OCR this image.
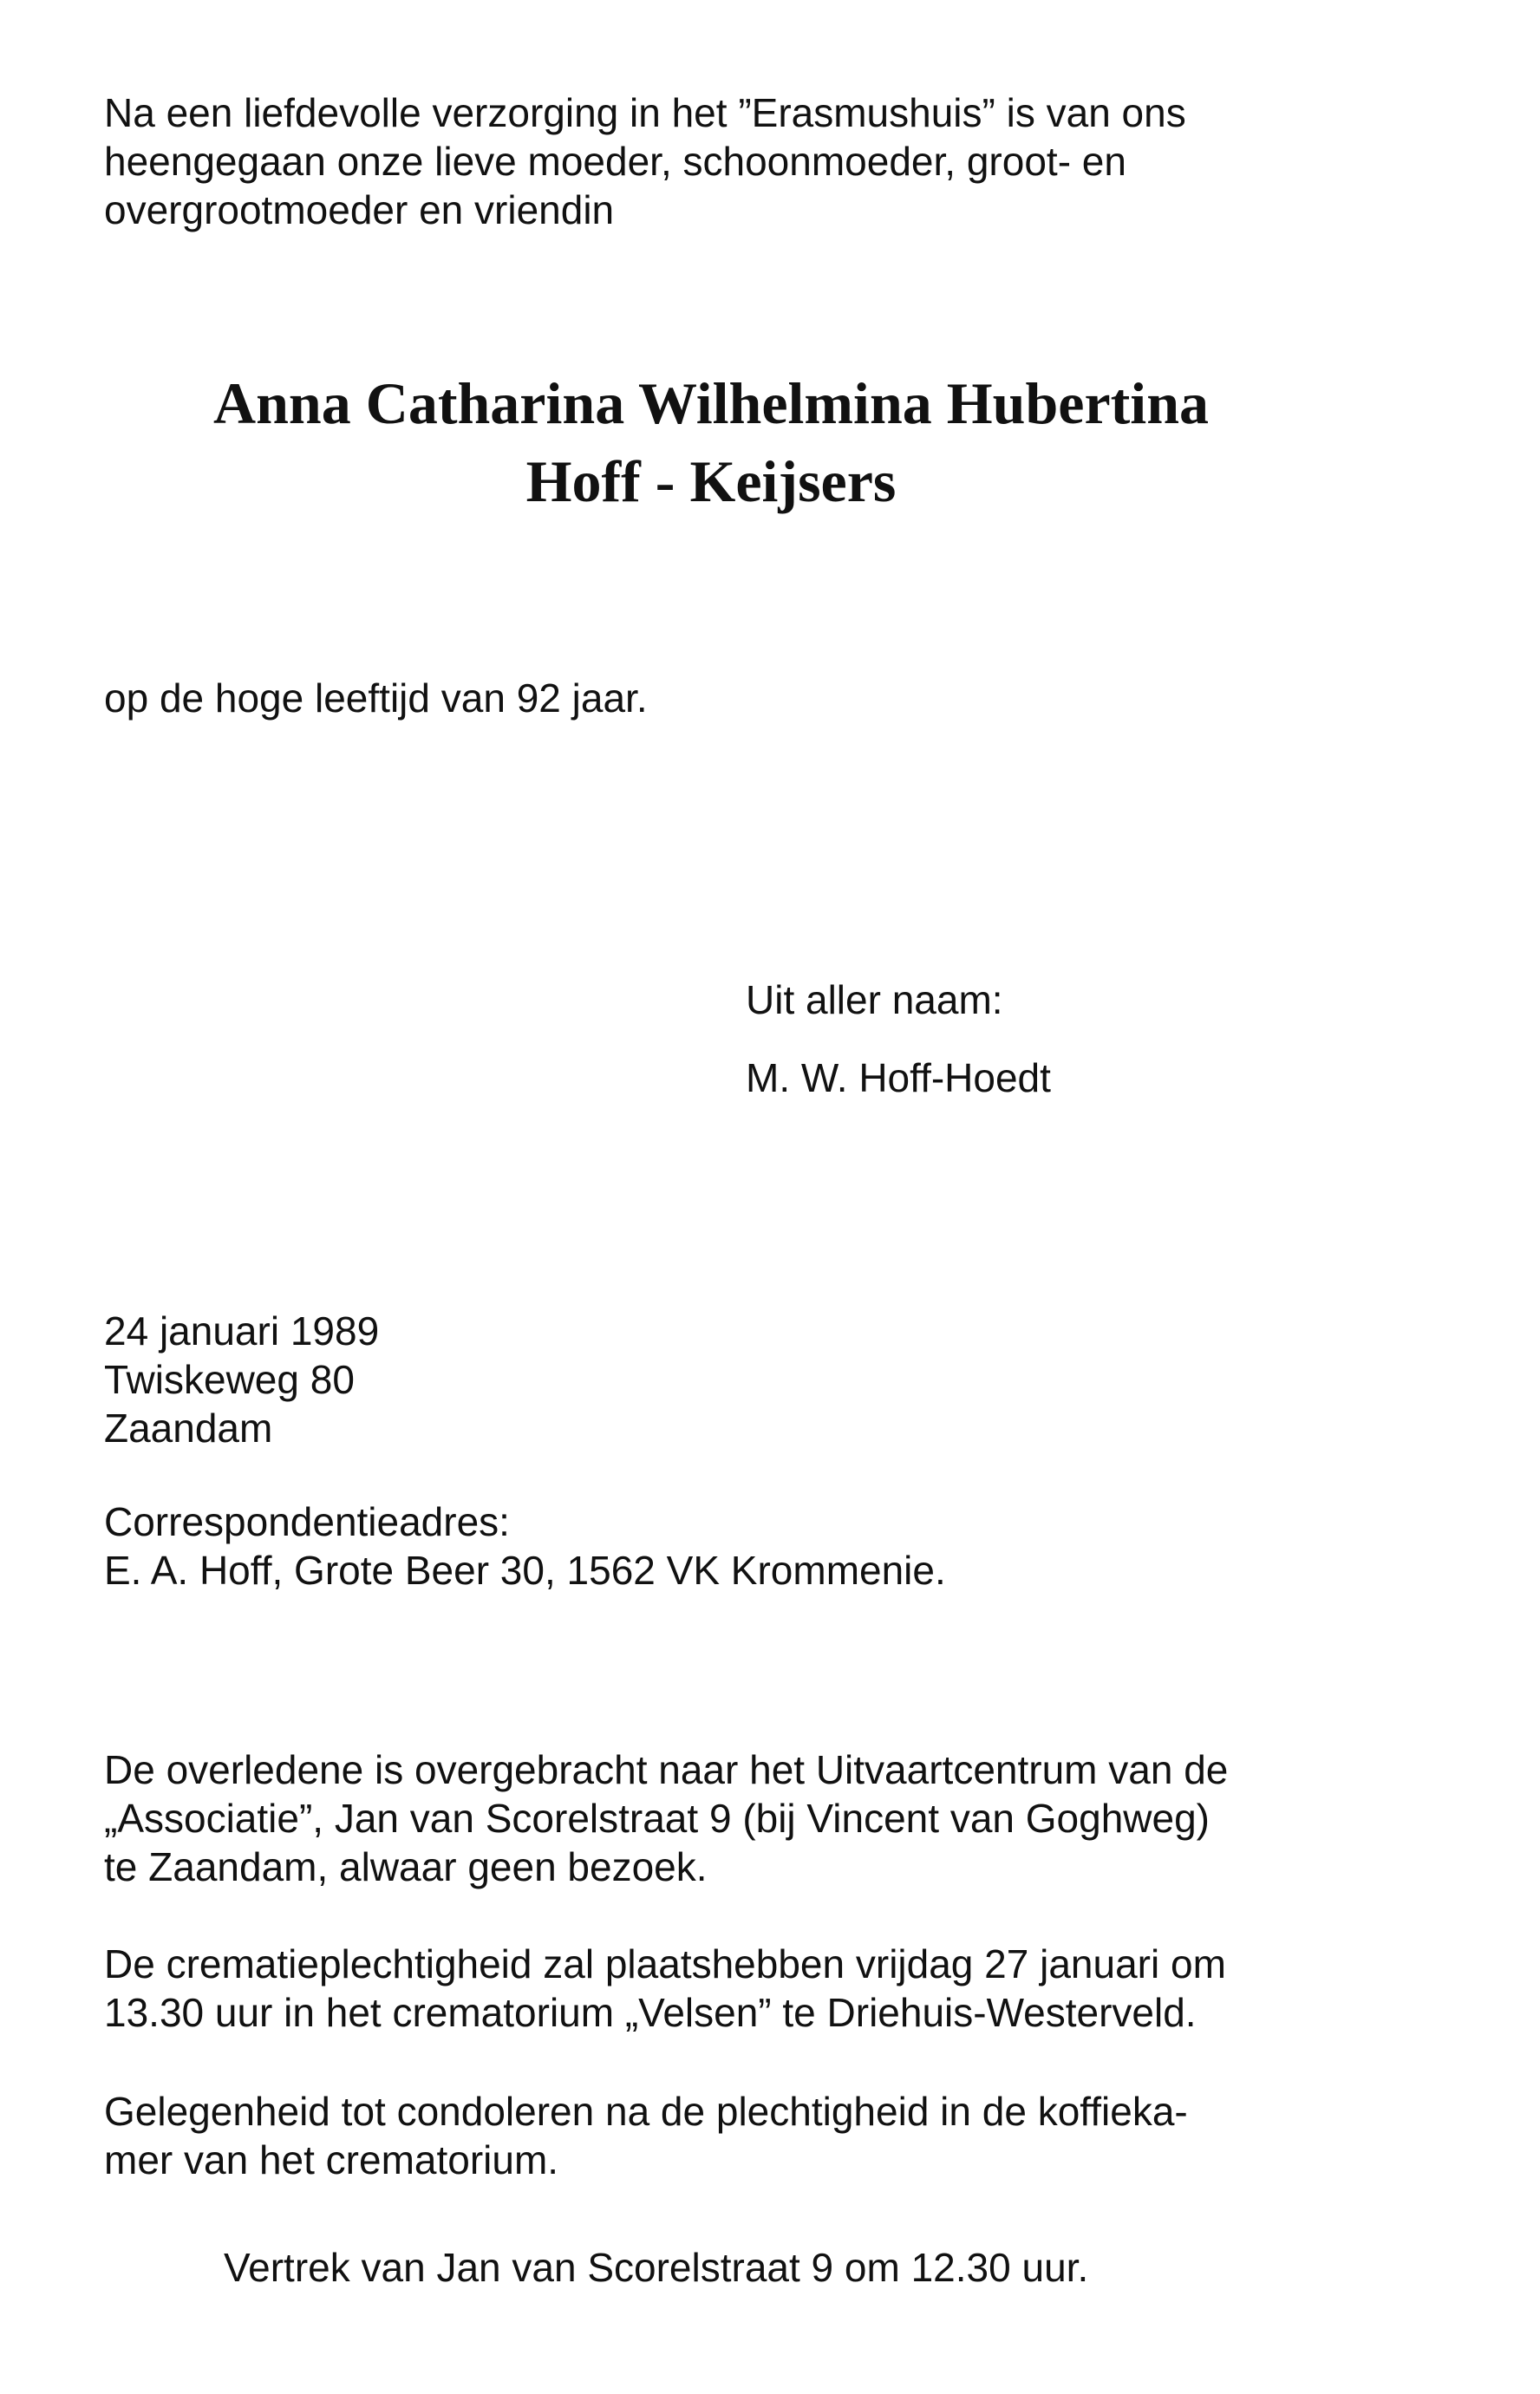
Na een liefdevolle verzorging in het ”Erasmushuis” is van ons
heengegaan onze lieve moeder, schoonmoeder, groot- en
overgrootmoeder en vriendin
Anna Catharina Wilhelmina Hubertina
Hoff - Keijsers
op de hoge leeftijd van 92 jaar.
Uit aller naam:
M. W. Hoff-Hoedt
24 januari 1989
Twiskeweg 80
Zaandam
Correspondentieadres:
E. A. Hoff, Grote Beer 30, 1562 VK Krommenie.
De overledene is overgebracht naar het Uitvaartcentrum van de
„Associatie”, Jan van Scorelstraat 9 (bij Vincent van Goghweg)
te Zaandam, alwaar geen bezoek.
De crematieplechtigheid zal plaatshebben vrijdag 27 januari om
13.30 uur in het crematorium „Velsen” te Driehuis-Westerveld.
Gelegenheid tot condoleren na de plechtigheid in de koffieka-
mer van het crematorium.
Vertrek van Jan van Scorelstraat 9 om 12.30 uur.
